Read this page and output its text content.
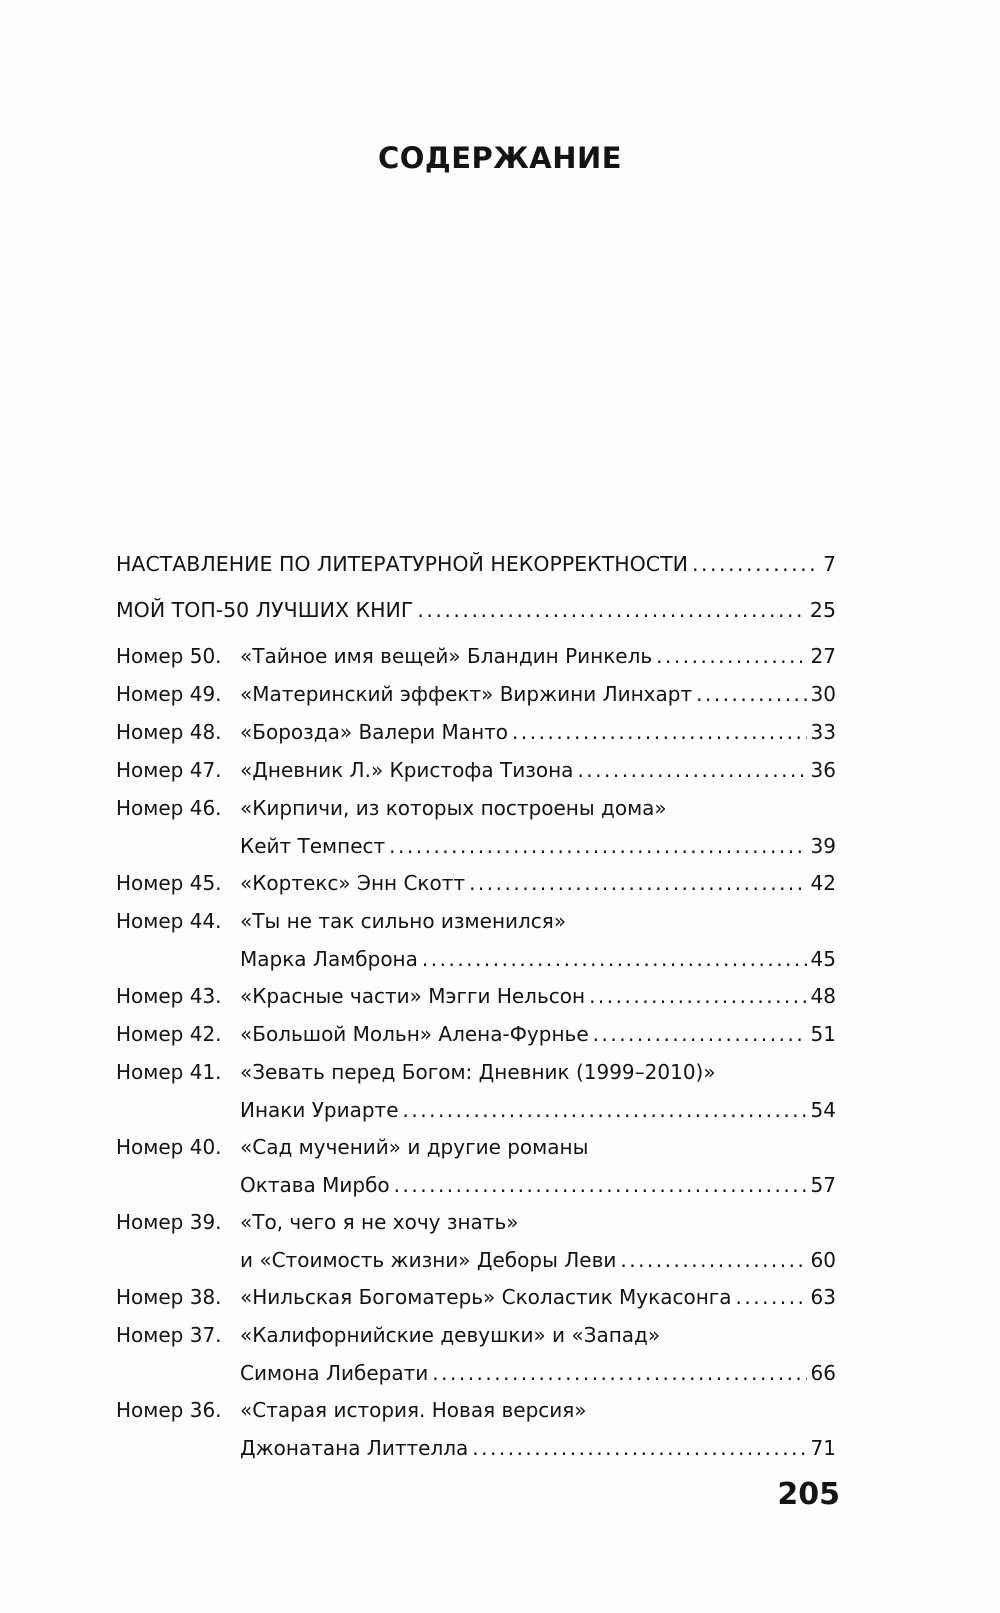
СОДЕРЖАНИЕ
НАСТАВЛЕНИЕ ПО ЛИТЕРАТУРНОЙ НЕКОРРЕКТНОСТИ .....	7
МОЙ ТОП-50 ЛУЧШИХ КНИГ .....	25
Номер 50. «Тайное имя вещей» Бландин Ринкель .....	27
Номер 49. «Материнский эффект» Виржини Линхарт .....	30
Номер 48. «Борозда» Валери Манто .....	33
Номер 47. «Дневник Л.» Кристофа Тизона .....	36
Номер 46. «Кирпичи, из которых построены дома»
Кейт Темпест .....	39
Номер 45. «Кортекс» Энн Скотт .....	42
Номер 44. «Ты не так сильно изменился»
Марка Ламброна .....	45
Номер 43. «Красные части» Мэгги Нельсон .....	48
Номер 42. «Большой Мольн» Алена-Фурнье .....	51
Номер 41. «Зевать перед Богом: Дневник (1999–2010)»
Инаки Уриарте .....	54
Номер 40. «Сад мучений» и другие романы
Октава Мирбо .....	57
Номер 39. «То, чего я не хочу знать»
и «Стоимость жизни» Деборы Леви .....	60
Номер 38. «Нильская Богоматерь» Сколастик Мукасонга .....	63
Номер 37. «Калифорнийские девушки» и «Запад»
Симона Либерати .....	66
Номер 36. «Старая история. Новая версия»
Джонатана Литтелла .....	71
205
